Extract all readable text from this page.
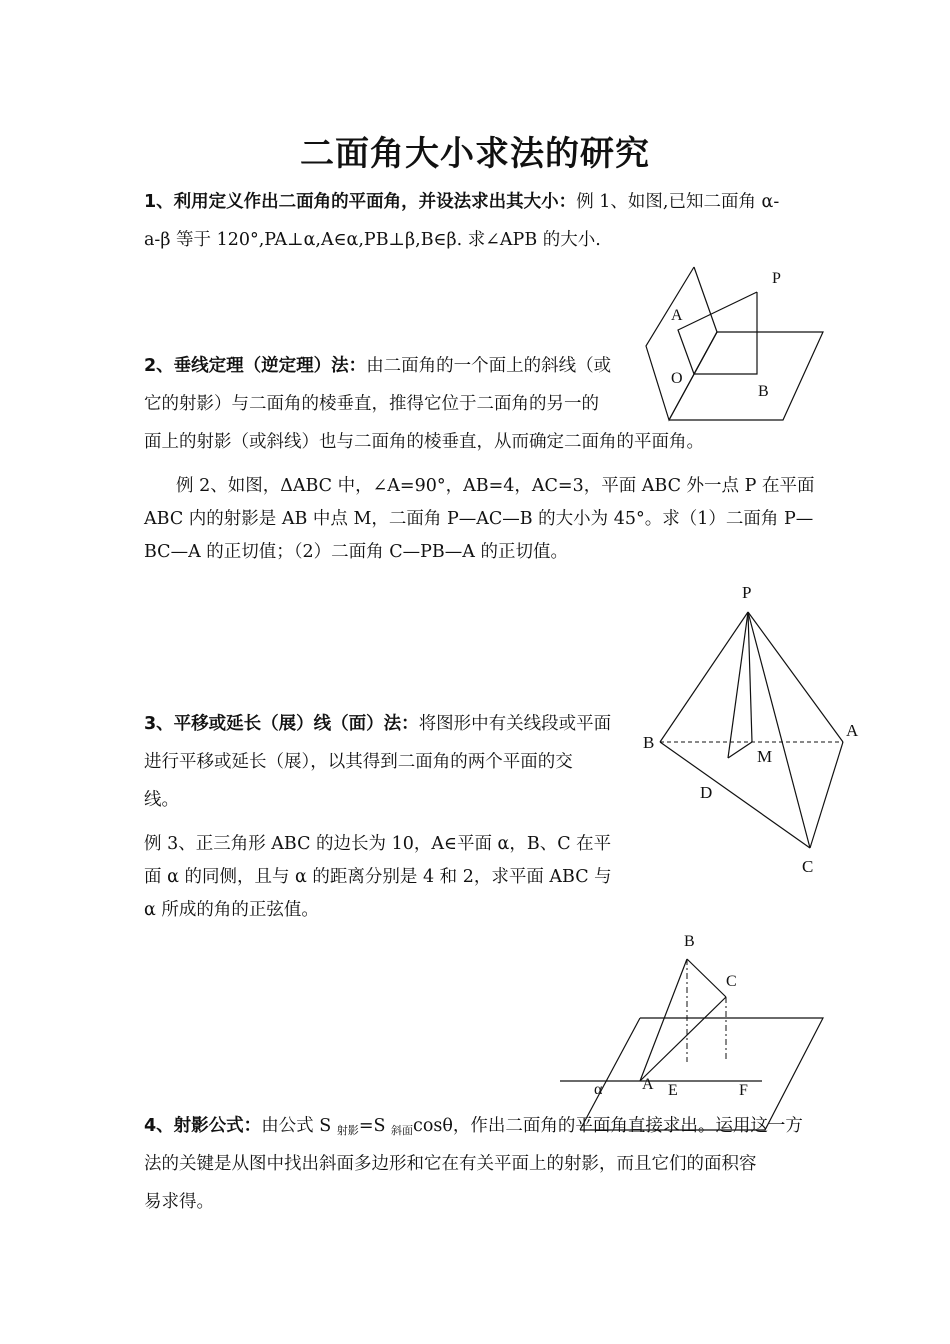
二面角大小求法的研究
1、利用定义作出二面角的平面角，并设法求出其大小：例 1、如图,已知二面角 α-
a-β 等于 120°,PA⊥α,A∈α,PB⊥β,B∈β. 求∠APB 的大小.
P
A
O
B
2、垂线定理（逆定理）法：由二面角的一个面上的斜线（或
它的射影）与二面角的棱垂直，推得它位于二面角的另一的
面上的射影（或斜线）也与二面角的棱垂直，从而确定二面角的平面角。
例 2、如图，ΔABC 中，∠A=90°，AB=4，AC=3，平面 ABC 外一点 P 在平面
ABC 内的射影是 AB 中点 M，二面角 P—AC—B 的大小为 45°。求（1）二面角 P—
BC—A 的正切值；（2）二面角 C—PB—A 的正切值。
P
B
A
M
D
C
3、平移或延长（展）线（面）法：将图形中有关线段或平面
进行平移或延长（展），以其得到二面角的两个平面的交
线。
例 3、正三角形 ABC 的边长为 10，A∈平面 α，B、C 在平
面 α 的同侧，且与 α 的距离分别是 4 和 2，求平面 ABC 与
α 所成的角的正弦值。
B
C
α A E	F
4、射影公式：由公式 S $_{射影}$=S $_{斜面}$cosθ，作出二面角的平面角直接求出。运用这一方
法的关键是从图中找出斜面多边形和它在有关平面上的射影，而且它们的面积容
易求得。
